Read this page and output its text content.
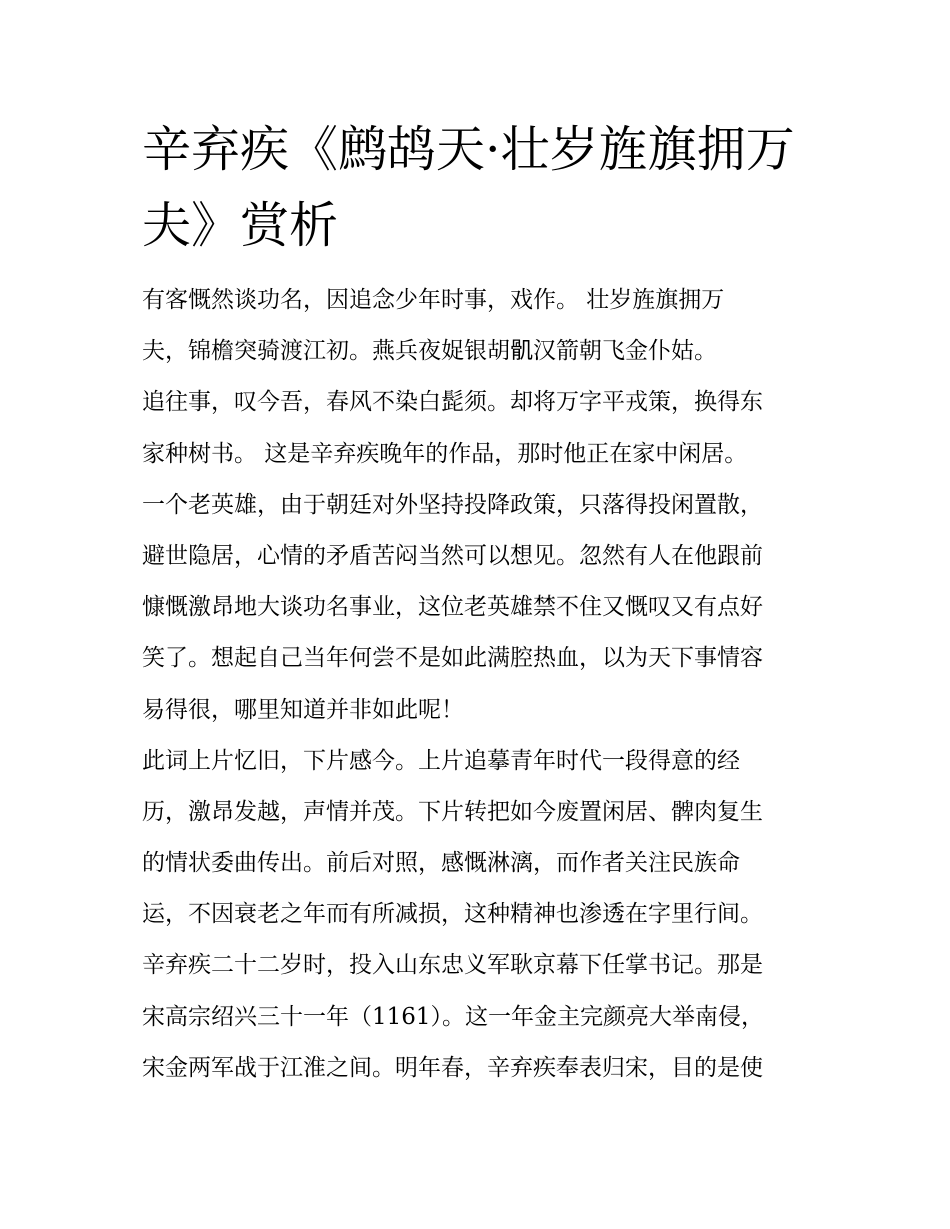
辛弃疾《鹧鸪天·壮岁旌旗拥万
夫》赏析
有客慨然谈功名，因追念少年时事，戏作。 壮岁旌旗拥万
夫，锦檐突骑渡江初。燕兵夜娖银胡𩨒汉箭朝飞金仆姑。
追往事，叹今吾，春风不染白髭须。却将万字平戎策，换得东
家种树书。 这是辛弃疾晚年的作品，那时他正在家中闲居。
一个老英雄，由于朝廷对外坚持投降政策，只落得投闲置散，
避世隐居，心情的矛盾苦闷当然可以想见。忽然有人在他跟前
慷慨激昂地大谈功名事业，这位老英雄禁不住又慨叹又有点好
笑了。想起自己当年何尝不是如此满腔热血，以为天下事情容
易得很，哪里知道并非如此呢！
此词上片忆旧，下片感今。上片追摹青年时代一段得意的经
历，激昂发越，声情并茂。下片转把如今废置闲居、髀肉复生
的情状委曲传出。前后对照，感慨淋漓，而作者关注民族命
运，不因衰老之年而有所减损，这种精神也渗透在字里行间。
辛弃疾二十二岁时，投入山东忠义军耿京幕下任掌书记。那是
宋高宗绍兴三十一年（1161）。这一年金主完颜亮大举南侵，
宋金两军战于江淮之间。明年春，辛弃疾奉表归宋，目的是使
